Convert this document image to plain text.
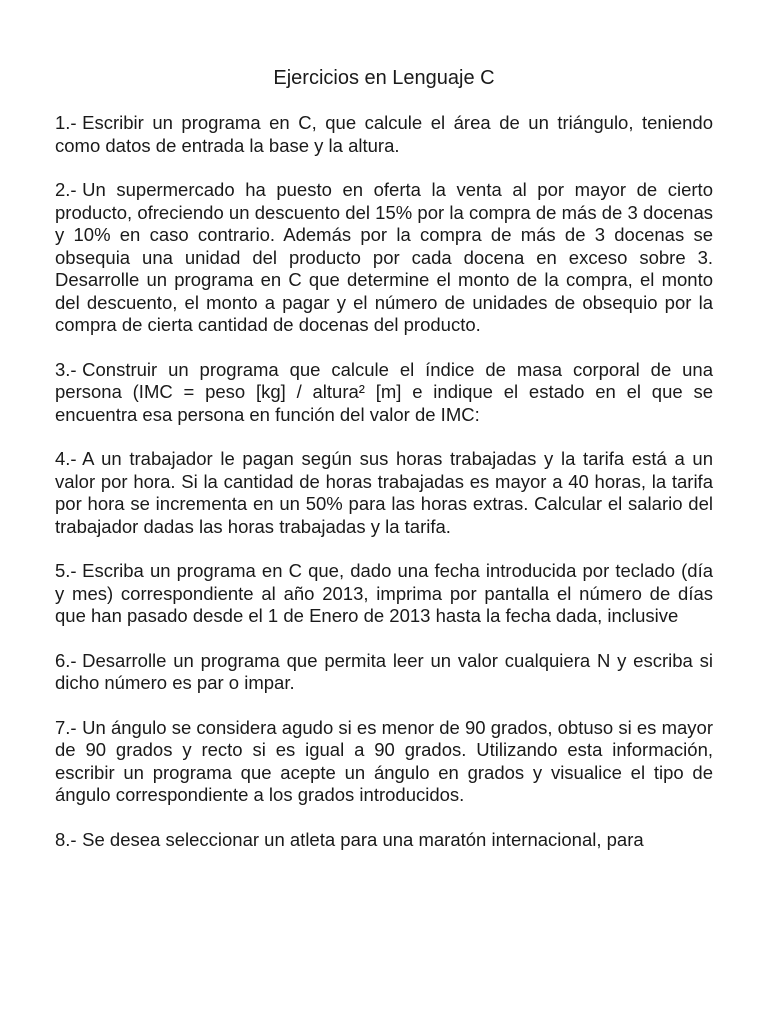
Ejercicios en Lenguaje C

1.- Escribir un programa en C, que calcule el área de un triángulo, teniendo como datos de entrada la base y la altura.

2.- Un supermercado ha puesto en oferta la venta al por mayor de cierto producto, ofreciendo un descuento del 15% por la compra de más de 3 docenas y 10% en caso contrario. Además por la compra de más de 3 docenas se obsequia una unidad del producto por cada docena en exceso sobre 3. Desarrolle un programa en C que determine el monto de la compra, el monto del descuento, el monto a pagar y el número de unidades de obsequio por la compra de cierta cantidad de docenas del producto.

3.- Construir un programa que calcule el índice de masa corporal de una persona (IMC = peso [kg] / altura² [m] e indique el estado en el que se encuentra esa persona en función del valor de IMC:

4.- A un trabajador le pagan según sus horas trabajadas y la tarifa está a un valor por hora. Si la cantidad de horas trabajadas es mayor a 40 horas, la tarifa por hora se incrementa en un 50% para las horas extras. Calcular el salario del trabajador dadas las horas trabajadas y la tarifa.

5.- Escriba un programa en C que, dado una fecha introducida por teclado (día y mes) correspondiente al año 2013, imprima por pantalla el número de días que han pasado desde el 1 de Enero de 2013 hasta la fecha dada, inclusive

6.- Desarrolle un programa que permita leer un valor cualquiera N y escriba si dicho número es par o impar.

7.- Un ángulo se considera agudo si es menor de 90 grados, obtuso si es mayor de 90 grados y recto si es igual a 90 grados. Utilizando esta información, escribir un programa que acepte un ángulo en grados y visualice el tipo de ángulo correspondiente a los grados introducidos.

8.- Se desea seleccionar un atleta para una maratón internacional, para
